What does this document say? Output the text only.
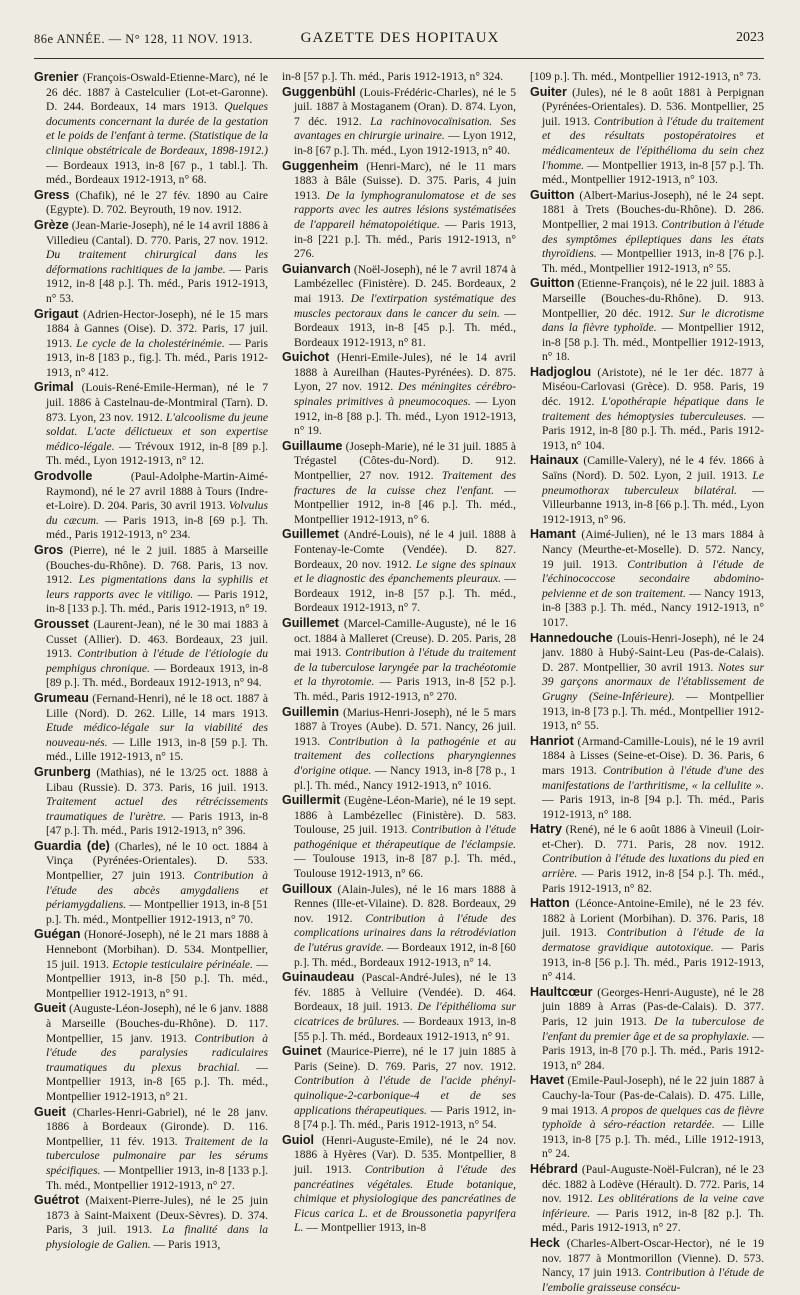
86e ANNÉE. — N° 128, 11 NOV. 1913.	GAZETTE DES HOPITAUX	2023

Grenier (François-Oswald-Etienne-Marc), né le 26 déc. 1887 à Castelculier (Lot-et-Garonne). D. 244. Bordeaux, 14 mars 1913. Quelques documents concernant la durée de la gestation et le poids de l'enfant à terme. (Statistique de la clinique obstétricale de Bordeaux, 1898-1912.) — Bordeaux 1913, in-8 [67 p., 1 tabl.]. Th. méd., Bordeaux 1912-1913, n° 68.

Gress (Chafik), né le 27 fév. 1890 au Caire (Egypte). D. 702. Beyrouth, 19 nov. 1912.

Grèze (Jean-Marie-Joseph), né le 14 avril 1886 à Villedieu (Cantal). D. 770. Paris, 27 nov. 1912. Du traitement chirurgical dans les déformations rachitiques de la jambe. — Paris 1912, in-8 [48 p.]. Th. méd., Paris 1912-1913, n° 53.

Grigaut (Adrien-Hector-Joseph), né le 15 mars 1884 à Gannes (Oise). D. 372. Paris, 17 juil. 1913. Le cycle de la cholestérinémie. — Paris 1913, in-8 [183 p., fig.]. Th. méd., Paris 1912-1913, n° 412.

Grimal (Louis-René-Emile-Herman), né le 7 juil. 1886 à Castelnau-de-Montmiral (Tarn). D. 873. Lyon, 23 nov. 1912. L'alcoolisme du jeune soldat. L'acte délictueux et son expertise médico-légale. — Trévoux 1912, in-8 [89 p.]. Th. méd., Lyon 1912-1913, n° 12.

Grodvolle (Paul-Adolphe-Martin-Aimé-Raymond), né le 27 avril 1888 à Tours (Indre-et-Loire). D. 204. Paris, 30 avril 1913. Volvulus du cæcum. — Paris 1913, in-8 [69 p.]. Th. méd., Paris 1912-1913, n° 234.

Gros (Pierre), né le 2 juil. 1885 à Marseille (Bouches-du-Rhône). D. 768. Paris, 13 nov. 1912. Les pigmentations dans la syphilis et leurs rapports avec le vitiligo. — Paris 1912, in-8 [133 p.]. Th. méd., Paris 1912-1913, n° 19.

Grousset (Laurent-Jean), né le 30 mai 1883 à Cusset (Allier). D. 463. Bordeaux, 23 juil. 1913. Contribution à l'étude de l'étiologie du pemphigus chronique. — Bordeaux 1913, in-8 [89 p.]. Th. méd., Bordeaux 1912-1913, n° 94.

Grumeau (Fernand-Henri), né le 18 oct. 1887 à Lille (Nord). D. 262. Lille, 14 mars 1913. Etude médico-légale sur la viabilité des nouveau-nés. — Lille 1913, in-8 [59 p.]. Th. méd., Lille 1912-1913, n° 15.

Grunberg (Mathias), né le 13/25 oct. 1888 à Libau (Russie). D. 373. Paris, 16 juil. 1913. Traitement actuel des rétrécissements traumatiques de l'urètre. — Paris 1913, in-8 [47 p.]. Th. méd., Paris 1912-1913, n° 396.

Guardia (de) (Charles), né le 10 oct. 1884 à Vinça (Pyrénées-Orientales). D. 533. Montpellier, 27 juin 1913. Contribution à l'étude des abcès amygdaliens et périamygdaliens. — Montpellier 1913, in-8 [51 p.]. Th. méd., Montpellier 1912-1913, n° 70.

Guégan (Honoré-Joseph), né le 21 mars 1888 à Hennebont (Morbihan). D. 534. Montpellier, 15 juil. 1913. Ectopie testiculaire périnéale. — Montpellier 1913, in-8 [50 p.]. Th. méd., Montpellier 1912-1913, n° 91.

Gueit (Auguste-Léon-Joseph), né le 6 janv. 1888 à Marseille (Bouches-du-Rhône). D. 117. Montpellier, 15 janv. 1913. Contribution à l'étude des paralysies radiculaires traumatiques du plexus brachial. — Montpellier 1913, in-8 [65 p.]. Th. méd., Montpellier 1912-1913, n° 21.

Gueit (Charles-Henri-Gabriel), né le 28 janv. 1886 à Bordeaux (Gironde). D. 116. Montpellier, 11 fév. 1913. Traitement de la tuberculose pulmonaire par les sérums spécifiques. — Montpellier 1913, in-8 [133 p.]. Th. méd., Montpellier 1912-1913, n° 27.

Guétrot (Maixent-Pierre-Jules), né le 25 juin 1873 à Saint-Maixent (Deux-Sèvres). D. 374. Paris, 3 juil. 1913. La finalité dans la physiologie de Galien. — Paris 1913,

in-8 [57 p.]. Th. méd., Paris 1912-1913, n° 324.

Guggenbühl (Louis-Frédéric-Charles), né le 5 juil. 1887 à Mostaganem (Oran). D. 874. Lyon, 7 déc. 1912. La rachinovocaïnisation. Ses avantages en chirurgie urinaire. — Lyon 1912, in-8 [67 p.]. Th. méd., Lyon 1912-1913, n° 40.

Guggenheim (Henri-Marc), né le 11 mars 1883 à Bâle (Suisse). D. 375. Paris, 4 juin 1913. De la lymphogranulomatose et de ses rapports avec les autres lésions systématisées de l'appareil hématopoiétique. — Paris 1913, in-8 [221 p.]. Th. méd., Paris 1912-1913, n° 276.

Guianvarch (Noël-Joseph), né le 7 avril 1874 à Lambézellec (Finistère). D. 245. Bordeaux, 2 mai 1913. De l'extirpation systématique des muscles pectoraux dans le cancer du sein. — Bordeaux 1913, in-8 [45 p.]. Th. méd., Bordeaux 1912-1913, n° 81.

Guichot (Henri-Emile-Jules), né le 14 avril 1888 à Aureilhan (Hautes-Pyrénées). D. 875. Lyon, 27 nov. 1912. Des méningites cérébro-spinales primitives à pneumocoques. — Lyon 1912, in-8 [88 p.]. Th. méd., Lyon 1912-1913, n° 19.

Guillaume (Joseph-Marie), né le 31 juil. 1885 à Trégastel (Côtes-du-Nord). D. 912. Montpellier, 27 nov. 1912. Traitement des fractures de la cuisse chez l'enfant. — Montpellier 1912, in-8 [46 p.]. Th. méd., Montpellier 1912-1913, n° 6.

Guillemet (André-Louis), né le 4 juil. 1888 à Fontenay-le-Comte (Vendée). D. 827. Bordeaux, 20 nov. 1912. Le signe des spinaux et le diagnostic des épanchements pleuraux. — Bordeaux 1912, in-8 [57 p.]. Th. méd., Bordeaux 1912-1913, n° 7.

Guillemet (Marcel-Camille-Auguste), né le 16 oct. 1884 à Malleret (Creuse). D. 205. Paris, 28 mai 1913. Contribution à l'étude du traitement de la tuberculose laryngée par la trachéotomie et la thyrotomie. — Paris 1913, in-8 [52 p.]. Th. méd., Paris 1912-1913, n° 270.

Guillemin (Marius-Henri-Joseph), né le 5 mars 1887 à Troyes (Aube). D. 571. Nancy, 26 juil. 1913. Contribution à la pathogénie et au traitement des collections pharyngiennes d'origine otique. — Nancy 1913, in-8 [78 p., 1 pl.]. Th. méd., Nancy 1912-1913, n° 1016.

Guillermit (Eugène-Léon-Marie), né le 19 sept. 1886 à Lambézellec (Finistère). D. 583. Toulouse, 25 juil. 1913. Contribution à l'étude pathogénique et thérapeutique de l'éclampsie. — Toulouse 1913, in-8 [87 p.]. Th. méd., Toulouse 1912-1913, n° 66.

Guilloux (Alain-Jules), né le 16 mars 1888 à Rennes (Ille-et-Vilaine). D. 828. Bordeaux, 29 nov. 1912. Contribution à l'étude des complications urinaires dans la rétrodéviation de l'utérus gravide. — Bordeaux 1912, in-8 [60 p.]. Th. méd., Bordeaux 1912-1913, n° 14.

Guinaudeau (Pascal-André-Jules), né le 13 fév. 1885 à Velluire (Vendée). D. 464. Bordeaux, 18 juil. 1913. De l'épithélioma sur cicatrices de brûlures. — Bordeaux 1913, in-8 [55 p.]. Th. méd., Bordeaux 1912-1913, n° 91.

Guinet (Maurice-Pierre), né le 17 juin 1885 à Paris (Seine). D. 769. Paris, 27 nov. 1912. Contribution à l'étude de l'acide phényl-quinolique-2-carbonique-4 et de ses applications thérapeutiques. — Paris 1912, in-8 [74 p.]. Th. méd., Paris 1912-1913, n° 54.

Guiol (Henri-Auguste-Emile), né le 24 nov. 1886 à Hyères (Var). D. 535. Montpellier, 8 juil. 1913. Contribution à l'étude des pancréatines végétales. Etude botanique, chimique et physiologique des pancréatines de Ficus carica L. et de Broussonetia papyrifera L. — Montpellier 1913, in-8

[109 p.]. Th. méd., Montpellier 1912-1913, n° 73.

Guiter (Jules), né le 8 août 1881 à Perpignan (Pyrénées-Orientales). D. 536. Montpellier, 25 juil. 1913. Contribution à l'étude du traitement et des résultats postopératoires et médicamenteux de l'épithélioma du sein chez l'homme. — Montpellier 1913, in-8 [57 p.]. Th. méd., Montpellier 1912-1913, n° 103.

Guitton (Albert-Marius-Joseph), né le 24 sept. 1881 à Trets (Bouches-du-Rhône). D. 286. Montpellier, 2 mai 1913. Contribution à l'étude des symptômes épileptiques dans les états thyroïdiens. — Montpellier 1913, in-8 [76 p.]. Th. méd., Montpellier 1912-1913, n° 55.

Guitton (Etienne-François), né le 22 juil. 1883 à Marseille (Bouches-du-Rhône). D. 913. Montpellier, 20 déc. 1912. Sur le dicrotisme dans la fièvre typhoïde. — Montpellier 1912, in-8 [58 p.]. Th. méd., Montpellier 1912-1913, n° 18.

Hadjoglou (Aristote), né le 1er déc. 1877 à Miséou-Carlovasi (Grèce). D. 958. Paris, 19 déc. 1912. L'opothérapie hépatique dans le traitement des hémoptysies tuberculeuses. — Paris 1912, in-8 [80 p.]. Th. méd., Paris 1912-1913, n° 104.

Hainaux (Camille-Valery), né le 4 fév. 1866 à Saïns (Nord). D. 502. Lyon, 2 juil. 1913. Le pneumothorax tuberculeux bilatéral. — Villeurbanne 1913, in-8 [66 p.]. Th. méd., Lyon 1912-1913, n° 96.

Hamant (Aimé-Julien), né le 13 mars 1884 à Nancy (Meurthe-et-Moselle). D. 572. Nancy, 19 juil. 1913. Contribution à l'étude de l'échinococcose secondaire abdomino-pelvienne et de son traitement. — Nancy 1913, in-8 [383 p.]. Th. méd., Nancy 1912-1913, n° 1017.

Hannedouche (Louis-Henri-Joseph), né le 24 janv. 1880 à Hubý-Saint-Leu (Pas-de-Calais). D. 287. Montpellier, 30 avril 1913. Notes sur 39 garçons anormaux de l'établissement de Grugny (Seine-Inférieure). — Montpellier 1913, in-8 [73 p.]. Th. méd., Montpellier 1912-1913, n° 55.

Hanriot (Armand-Camille-Louis), né le 19 avril 1884 à Lisses (Seine-et-Oise). D. 36. Paris, 6 mars 1913. Contribution à l'étude d'une des manifestations de l'arthritisme, « la cellulite ». — Paris 1913, in-8 [94 p.]. Th. méd., Paris 1912-1913, n° 188.

Hatry (René), né le 6 août 1886 à Vineuil (Loir-et-Cher). D. 771. Paris, 28 nov. 1912. Contribution à l'étude des luxations du pied en arrière. — Paris 1912, in-8 [54 p.]. Th. méd., Paris 1912-1913, n° 82.

Hatton (Léonce-Antoine-Emile), né le 23 fév. 1882 à Lorient (Morbihan). D. 376. Paris, 18 juil. 1913. Contribution à l'étude de la dermatose gravidique autotoxique. — Paris 1913, in-8 [56 p.]. Th. méd., Paris 1912-1913, n° 414.

Haultcœur (Georges-Henri-Auguste), né le 28 juin 1889 à Arras (Pas-de-Calais). D. 377. Paris, 12 juin 1913. De la tuberculose de l'enfant du premier âge et de sa prophylaxie. — Paris 1913, in-8 [70 p.]. Th. méd., Paris 1912-1913, n° 284.

Havet (Emile-Paul-Joseph), né le 22 juin 1887 à Cauchy-la-Tour (Pas-de-Calais). D. 475. Lille, 9 mai 1913. A propos de quelques cas de fièvre typhoïde à séro-réaction retardée. — Lille 1913, in-8 [75 p.]. Th. méd., Lille 1912-1913, n° 24.

Hébrard (Paul-Auguste-Noël-Fulcran), né le 23 déc. 1882 à Lodève (Hérault). D. 772. Paris, 14 nov. 1912. Les oblitérations de la veine cave inférieure. — Paris 1912, in-8 [82 p.]. Th. méd., Paris 1912-1913, n° 27.

Heck (Charles-Albert-Oscar-Hector), né le 19 nov. 1877 à Montmorillon (Vienne). D. 573. Nancy, 17 juin 1913. Contribution à l'étude de l'embolie graisseuse consécu-
